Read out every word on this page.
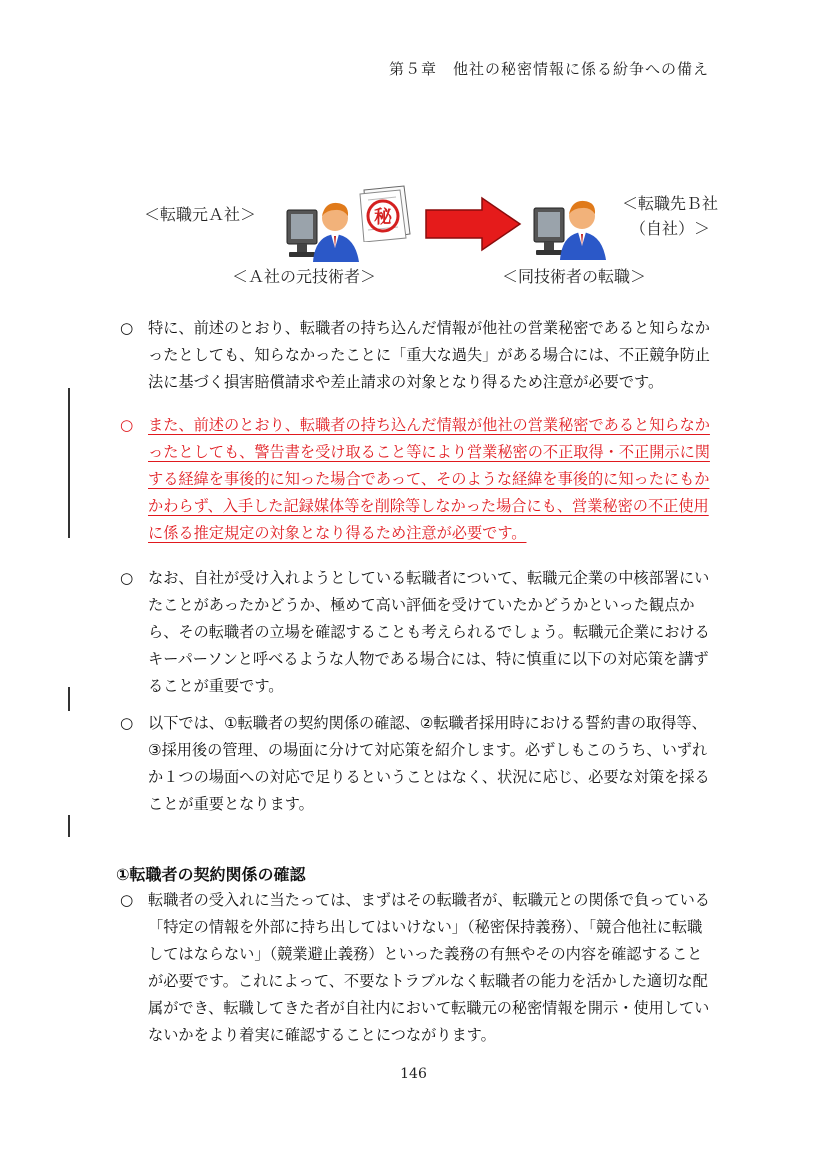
第５章　他社の秘密情報に係る紛争への備え
＜転職元Ａ社＞	秘
＜転職先Ｂ社
（自社）＞
＜Ａ社の元技術者＞	＜同技術者の転職＞
○ 特に、前述のとおり、転職者の持ち込んだ情報が他社の営業秘密であると知らなかったとしても、知らなかったことに「重大な過失」がある場合には、不正競争防止法に基づく損害賠償請求や差止請求の対象となり得るため注意が必要です。
○ また、前述のとおり、転職者の持ち込んだ情報が他社の営業秘密であると知らなかったとしても、警告書を受け取ること等により営業秘密の不正取得・不正開示に関する経緯を事後的に知った場合であって、そのような経緯を事後的に知ったにもかかわらず、入手した記録媒体等を削除等しなかった場合にも、営業秘密の不正使用に係る推定規定の対象となり得るため注意が必要です。
○ なお、自社が受け入れようとしている転職者について、転職元企業の中核部署にいたことがあったかどうか、極めて高い評価を受けていたかどうかといった観点から、その転職者の立場を確認することも考えられるでしょう。転職元企業におけるキーパーソンと呼べるような人物である場合には、特に慎重に以下の対応策を講ずることが重要です。
○ 以下では、①転職者の契約関係の確認、②転職者採用時における誓約書の取得等、③採用後の管理、の場面に分けて対応策を紹介します。必ずしもこのうち、いずれか１つの場面への対応で足りるということはなく、状況に応じ、必要な対策を採ることが重要となります。
①転職者の契約関係の確認
○ 転職者の受入れに当たっては、まずはその転職者が、転職元との関係で負っている「特定の情報を外部に持ち出してはいけない」（秘密保持義務）、「競合他社に転職してはならない」（競業避止義務）といった義務の有無やその内容を確認することが必要です。これによって、不要なトラブルなく転職者の能力を活かした適切な配属ができ、転職してきた者が自社内において転職元の秘密情報を開示・使用していないかをより着実に確認することにつながります。
146
